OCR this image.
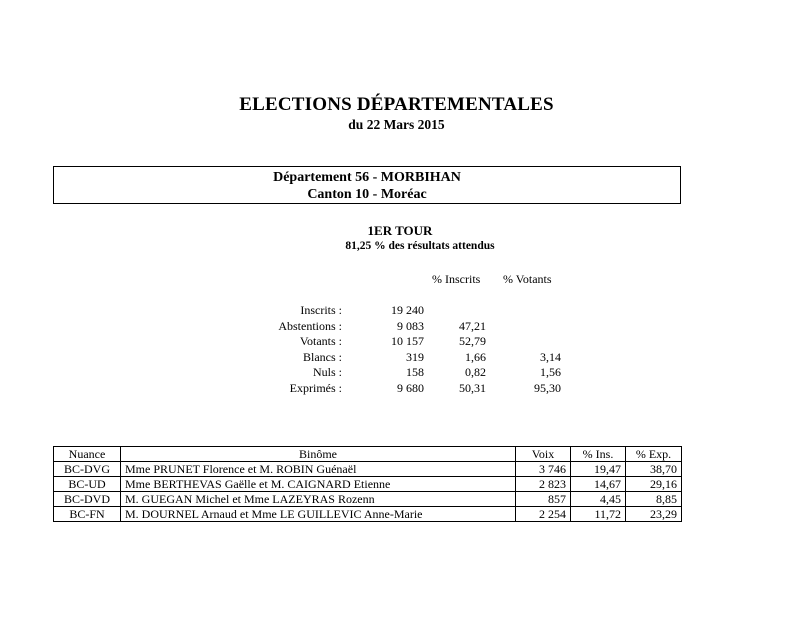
ELECTIONS DÉPARTEMENTALES
du 22 Mars 2015
Département 56 - MORBIHAN
Canton 10 - Moréac
1ER TOUR
81,25 % des résultats attendus
% Inscrits % Votants
Inscrits :	19 240
Abstentions :	9 083	47,21
Votants :	10 157	52,79
Blancs :	319	1,66	3,14
Nuls :	158	0,82	1,56
Exprimés :	9 680	50,31	95,30
Nuance	Binôme	Voix	% Ins.	% Exp.
BC-DVG	Mme PRUNET Florence et M. ROBIN Guénaël	3 746	19,47	38,70
BC-UD	Mme BERTHEVAS Gaëlle et M. CAIGNARD Etienne	2 823	14,67	29,16
BC-DVD	M. GUEGAN Michel et Mme LAZEYRAS Rozenn	857	4,45	8,85
BC-FN	M. DOURNEL Arnaud et Mme LE GUILLEVIC Anne-Marie	2 254	11,72	23,29
